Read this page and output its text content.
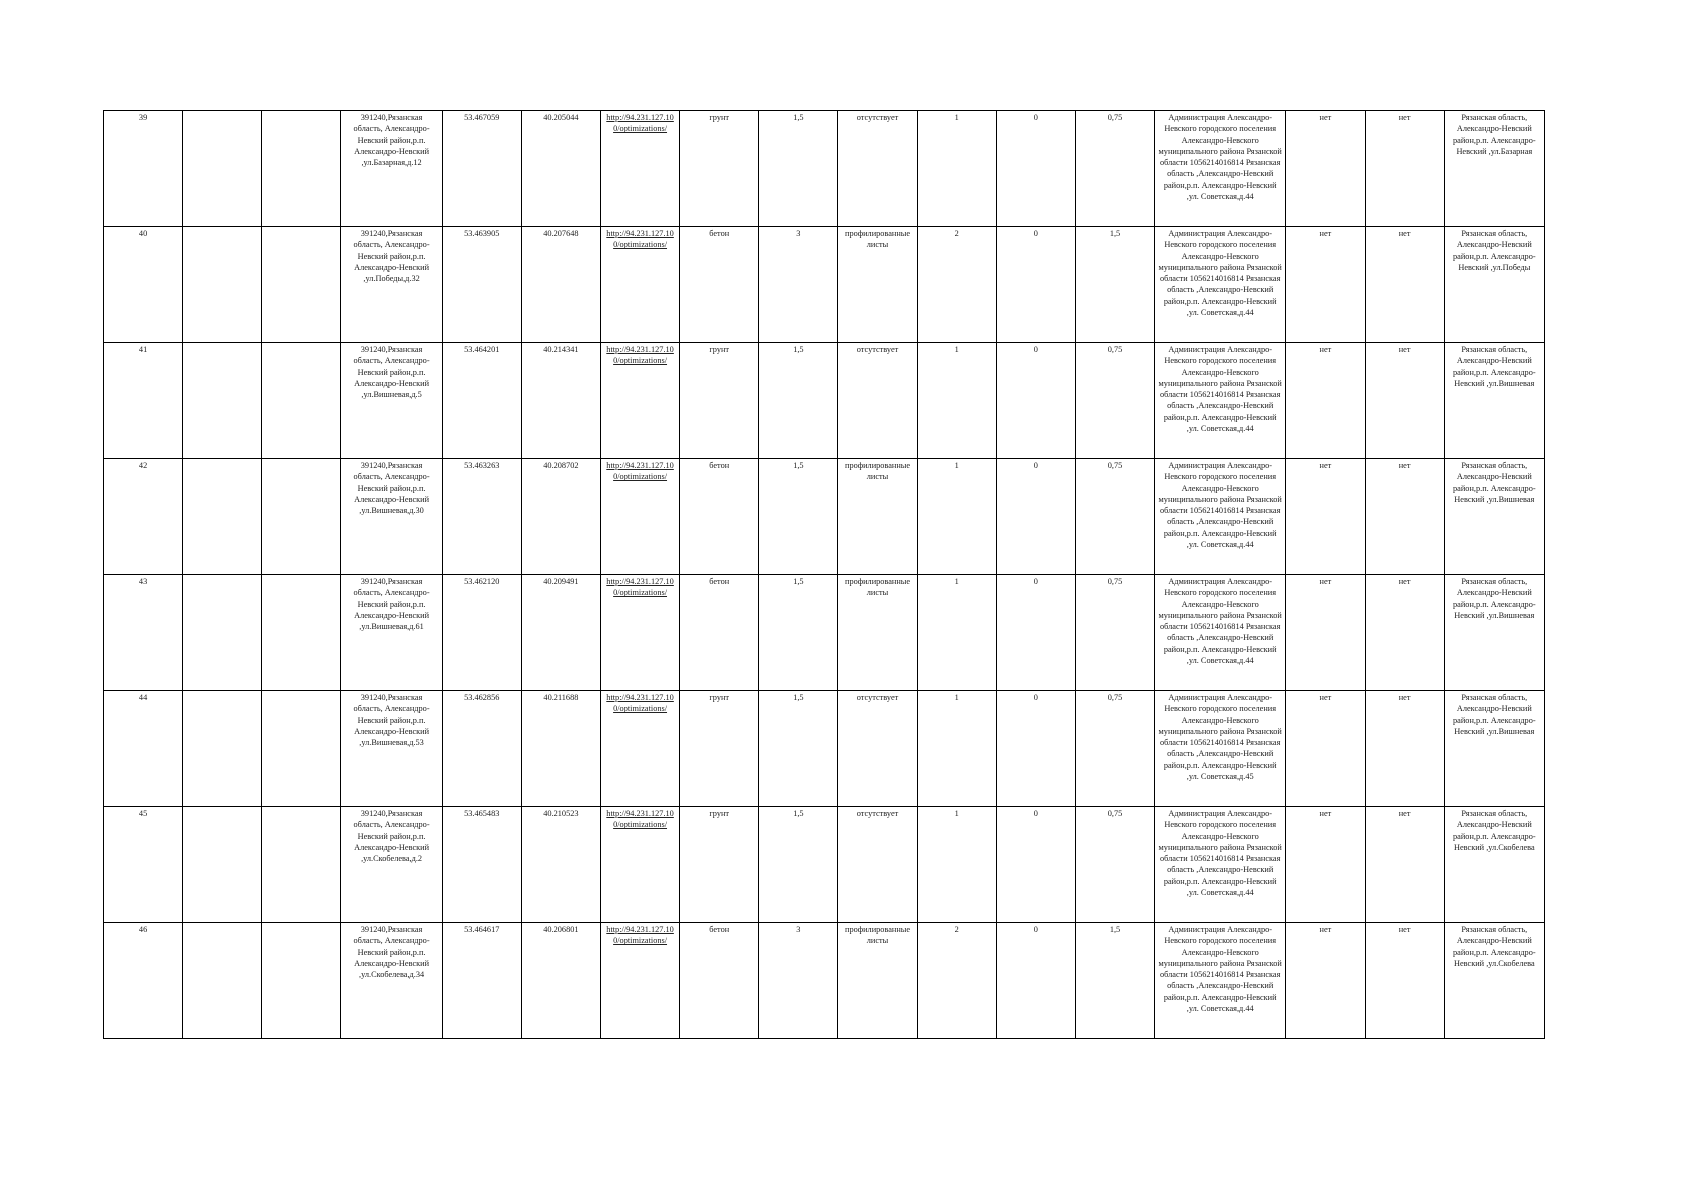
39			391240,Рязанская область, Александро-Невский район,р.п. Александро-Невский ,ул.Базарная,д.12	53.467059	40.205044	http://94.231.127.10 0/optimizations/	грунт	1,5	отсутствует	1	0	0,75	Администрация Александро-Невского городского поселения Александро-Невского муниципального района Рязанской области 1056214016814 Рязанская область ,Александро-Невский район,р.п. Александро-Невский ,ул. Советская,д.44	нет	нет	Рязанская область, Александро-Невский район,р.п. Александро-Невский ,ул.Базарная
40			391240,Рязанская область, Александро-Невский район,р.п. Александро-Невский ,ул.Победы,д.32	53.463905	40.207648	http://94.231.127.10 0/optimizations/	бетон	3	профилированные листы	2	0	1,5	Администрация Александро-Невского городского поселения Александро-Невского муниципального района Рязанской области 1056214016814 Рязанская область ,Александро-Невский район,р.п. Александро-Невский ,ул. Советская,д.44	нет	нет	Рязанская область, Александро-Невский район,р.п. Александро-Невский ,ул.Победы
41			391240,Рязанская область, Александро-Невский район,р.п. Александро-Невский ,ул.Вишневая,д.5	53.464201	40.214341	http://94.231.127.10 0/optimizations/	грунт	1,5	отсутствует	1	0	0,75	Администрация Александро-Невского городского поселения Александро-Невского муниципального района Рязанской области 1056214016814 Рязанская область ,Александро-Невский район,р.п. Александро-Невский ,ул. Советская,д.44	нет	нет	Рязанская область, Александро-Невский район,р.п. Александро-Невский ,ул.Вишневая
42			391240,Рязанская область, Александро-Невский район,р.п. Александро-Невский ,ул.Вишневая,д.30	53.463263	40.208702	http://94.231.127.10 0/optimizations/	бетон	1,5	профилированные листы	1	0	0,75	Администрация Александро-Невского городского поселения Александро-Невского муниципального района Рязанской области 1056214016814 Рязанская область ,Александро-Невский район,р.п. Александро-Невский ,ул. Советская,д.44	нет	нет	Рязанская область, Александро-Невский район,р.п. Александро-Невский ,ул.Вишневая
43			391240,Рязанская область, Александро-Невский район,р.п. Александро-Невский ,ул.Вишневая,д.61	53.462120	40.209491	http://94.231.127.10 0/optimizations/	бетон	1,5	профилированные листы	1	0	0,75	Администрация Александро-Невского городского поселения Александро-Невского муниципального района Рязанской области 1056214016814 Рязанская область ,Александро-Невский район,р.п. Александро-Невский ,ул. Советская,д.44	нет	нет	Рязанская область, Александро-Невский район,р.п. Александро-Невский ,ул.Вишневая
44			391240,Рязанская область, Александро-Невский район,р.п. Александро-Невский ,ул.Вишневая,д.53	53.462856	40.211688	http://94.231.127.10 0/optimizations/	грунт	1,5	отсутствует	1	0	0,75	Администрация Александро-Невского городского поселения Александро-Невского муниципального района Рязанской области 1056214016814 Рязанская область ,Александро-Невский район,р.п. Александро-Невский ,ул. Советская,д.45	нет	нет	Рязанская область, Александро-Невский район,р.п. Александро-Невский ,ул.Вишневая
45			391240,Рязанская область, Александро-Невский район,р.п. Александро-Невский ,ул.Скобелева,д.2	53.465483	40.210523	http://94.231.127.10 0/optimizations/	грунт	1,5	отсутствует	1	0	0,75	Администрация Александро-Невского городского поселения Александро-Невского муниципального района Рязанской области 1056214016814 Рязанская область ,Александро-Невский район,р.п. Александро-Невский ,ул. Советская,д.44	нет	нет	Рязанская область, Александро-Невский район,р.п. Александро-Невский ,ул.Скобелева
46			391240,Рязанская область, Александро-Невский район,р.п. Александро-Невский ,ул.Скобелева,д.34	53.464617	40.206801	http://94.231.127.10 0/optimizations/	бетон	3	профилированные листы	2	0	1,5	Администрация Александро-Невского городского поселения Александро-Невского муниципального района Рязанской области 1056214016814 Рязанская область ,Александро-Невский район,р.п. Александро-Невский ,ул. Советская,д.44	нет	нет	Рязанская область, Александро-Невский район,р.п. Александро-Невский ,ул.Скобелева
